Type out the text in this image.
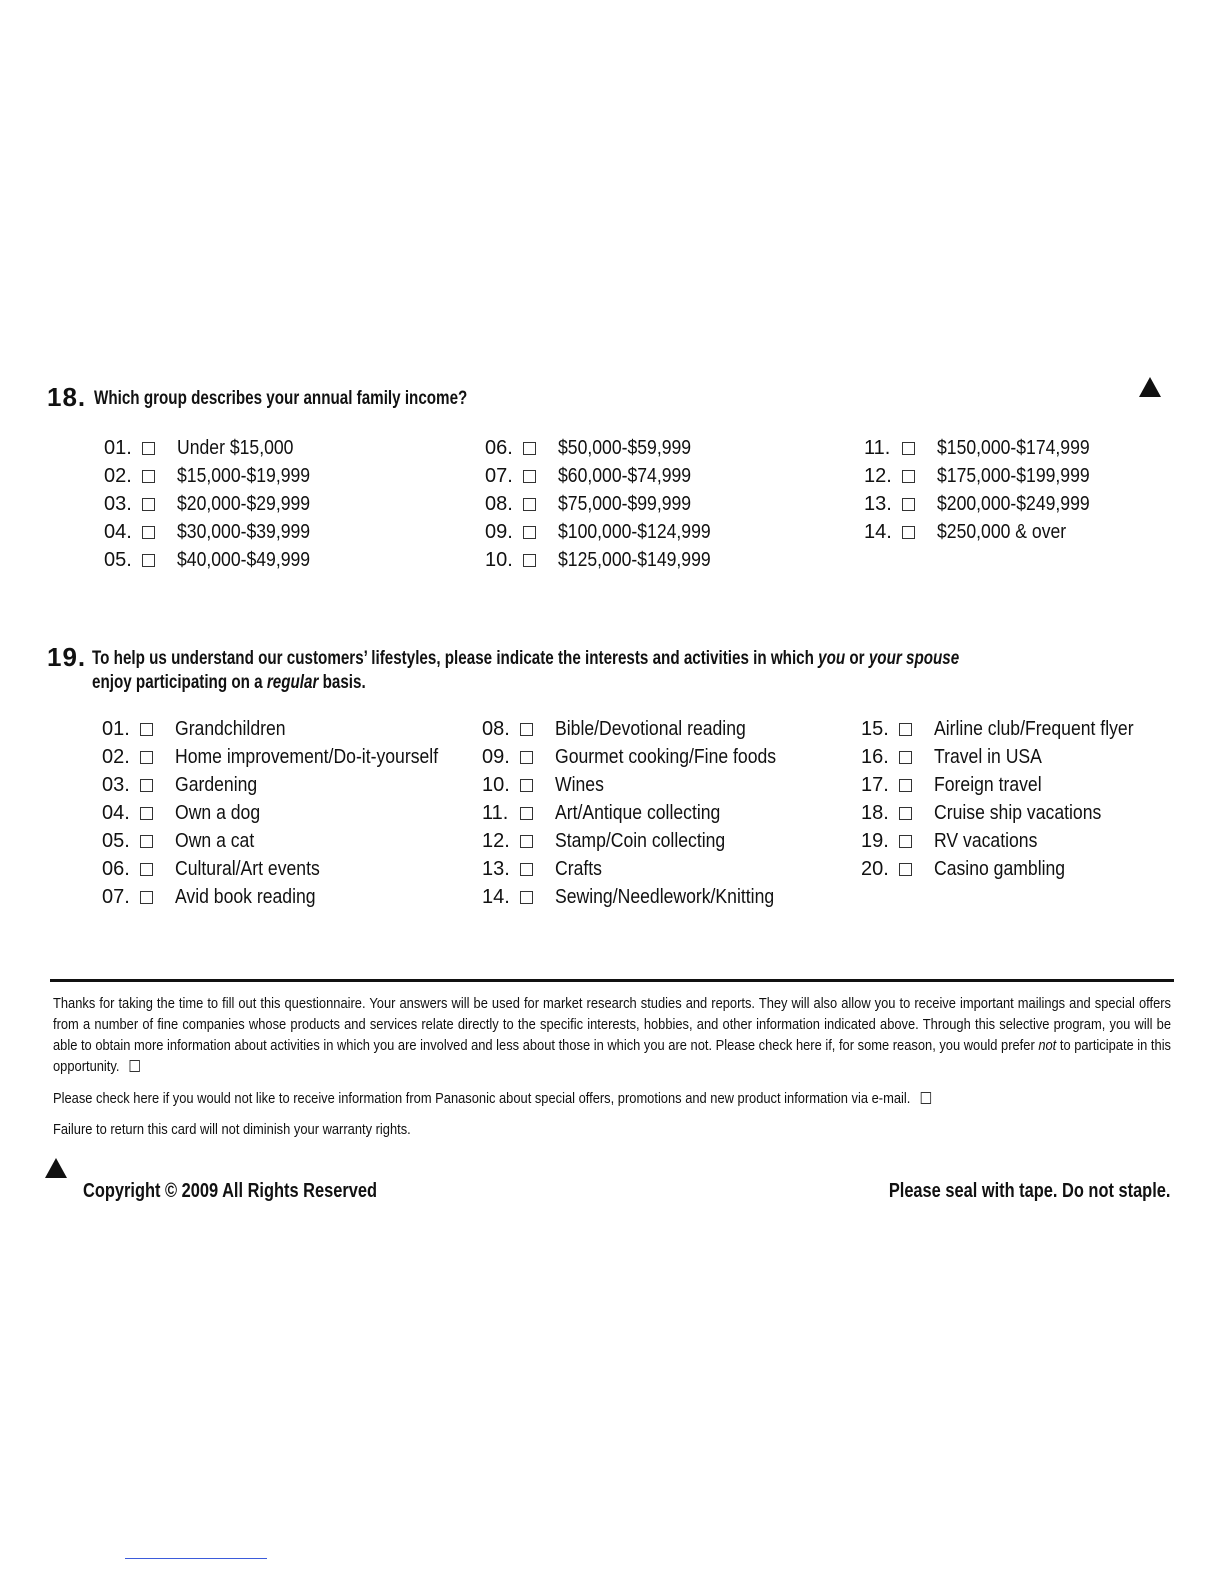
18. Which group describes your annual family income?
01.	Under $15,000
02.	$15,000-$19,999
03.	$20,000-$29,999
04.	$30,000-$39,999
05.	$40,000-$49,999
06.	$50,000-$59,999
07.	$60,000-$74,999
08.	$75,000-$99,999
09.	$100,000-$124,999
10.	$125,000-$149,999
11.	$150,000-$174,999
12.	$175,000-$199,999
13.	$200,000-$249,999
14.	$250,000 & over
19. To help us understand our customers’ lifestyles, please indicate the interests and activities in which you or your spouse
enjoy participating on a regular basis.
01.	Grandchildren
02.	Home improvement/Do-it-yourself
03.	Gardening
04.	Own a dog
05.	Own a cat
06.	Cultural/Art events
07.	Avid book reading
08.	Bible/Devotional reading
09.	Gourmet cooking/Fine foods
10.	Wines
11.	Art/Antique collecting
12.	Stamp/Coin collecting
13.	Crafts
14.	Sewing/Needlework/Knitting
15.	Airline club/Frequent flyer
16.	Travel in USA
17.	Foreign travel
18.	Cruise ship vacations
19.	RV vacations
20.	Casino gambling
Thanks for taking the time to fill out this questionnaire. Your answers will be used for market research studies and reports. They will also allow you to receive important mailings and special offers from a number of fine companies whose products and services relate directly to the specific interests, hobbies, and other information indicated above. Through this selective program, you will be able to obtain more information about activities in which you are involved and less about those in which you are not. Please check here if, for some reason, you would prefer not to participate in this opportunity.
Please check here if you would not like to receive information from Panasonic about special offers, promotions and new product information via e-mail.
Failure to return this card will not diminish your warranty rights.
Copyright © 2009 All Rights Reserved	Please seal with tape. Do not staple.
